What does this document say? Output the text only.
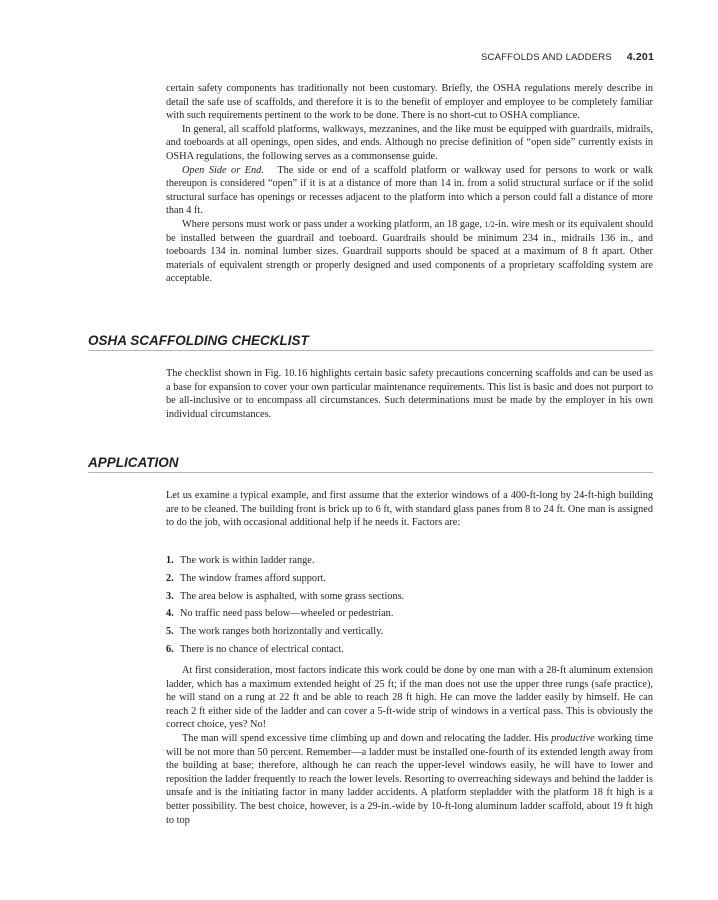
SCAFFOLDS AND LADDERS 4.201

certain safety components has traditionally not been customary. Briefly, the OSHA regulations merely describe in detail the safe use of scaffolds, and therefore it is to the benefit of employer and employee to be completely familiar with such requirements pertinent to the work to be done. There is no short-cut to OSHA compliance.

In general, all scaffold platforms, walkways, mezzanines, and the like must be equipped with guardrails, midrails, and toeboards at all openings, open sides, and ends. Although no precise definition of “open side” currently exists in OSHA regulations, the following serves as a commonsense guide.

Open Side or End. The side or end of a scaffold platform or walkway used for persons to work or walk thereupon is considered “open” if it is at a distance of more than 14 in. from a solid structural surface or if the solid structural surface has openings or recesses adjacent to the platform into which a person could fall a distance of more than 4 ft.

Where persons must work or pass under a working platform, an 18 gage, 1/2-in. wire mesh or its equivalent should be installed between the guardrail and toeboard. Guardrails should be minimum 234 in., midrails 136 in., and toeboards 134 in. nominal lumber sizes. Guardrail supports should be spaced at a maximum of 8 ft apart. Other materials of equivalent strength or properly designed and used components of a proprietary scaffolding system are acceptable.

OSHA SCAFFOLDING CHECKLIST

The checklist shown in Fig. 10.16 highlights certain basic safety precautions concerning scaffolds and can be used as a base for expansion to cover your own particular maintenance requirements. This list is basic and does not purport to be all-inclusive or to encompass all circumstances. Such determinations must be made by the employer in his own individual circumstances.

APPLICATION

Let us examine a typical example, and first assume that the exterior windows of a 400-ft-long by 24-ft-high building are to be cleaned. The building front is brick up to 6 ft, with standard glass panes from 8 to 24 ft. One man is assigned to do the job, with occasional additional help if he needs it. Factors are:

1. The work is within ladder range.
2. The window frames afford support.
3. The area below is asphalted, with some grass sections.
4. No traffic need pass below—wheeled or pedestrian.
5. The work ranges both horizontally and vertically.
6. There is no chance of electrical contact.

At first consideration, most factors indicate this work could be done by one man with a 28-ft aluminum extension ladder, which has a maximum extended height of 25 ft; if the man does not use the upper three rungs (safe practice), he will stand on a rung at 22 ft and be able to reach 28 ft high. He can move the ladder easily by himself. He can reach 2 ft either side of the ladder and can cover a 5-ft-wide strip of windows in a vertical pass. This is obviously the correct choice, yes? No!

The man will spend excessive time climbing up and down and relocating the ladder. His productive working time will be not more than 50 percent. Remember—a ladder must be installed one-fourth of its extended length away from the building at base; therefore, although he can reach the upper-level windows easily, he will have to lower and reposition the ladder frequently to reach the lower levels. Resorting to overreaching sideways and behind the ladder is unsafe and is the initiating factor in many ladder accidents. A platform stepladder with the platform 18 ft high is a better possibility. The best choice, however, is a 29-in.-wide by 10-ft-long aluminum ladder scaffold, about 19 ft high to top
